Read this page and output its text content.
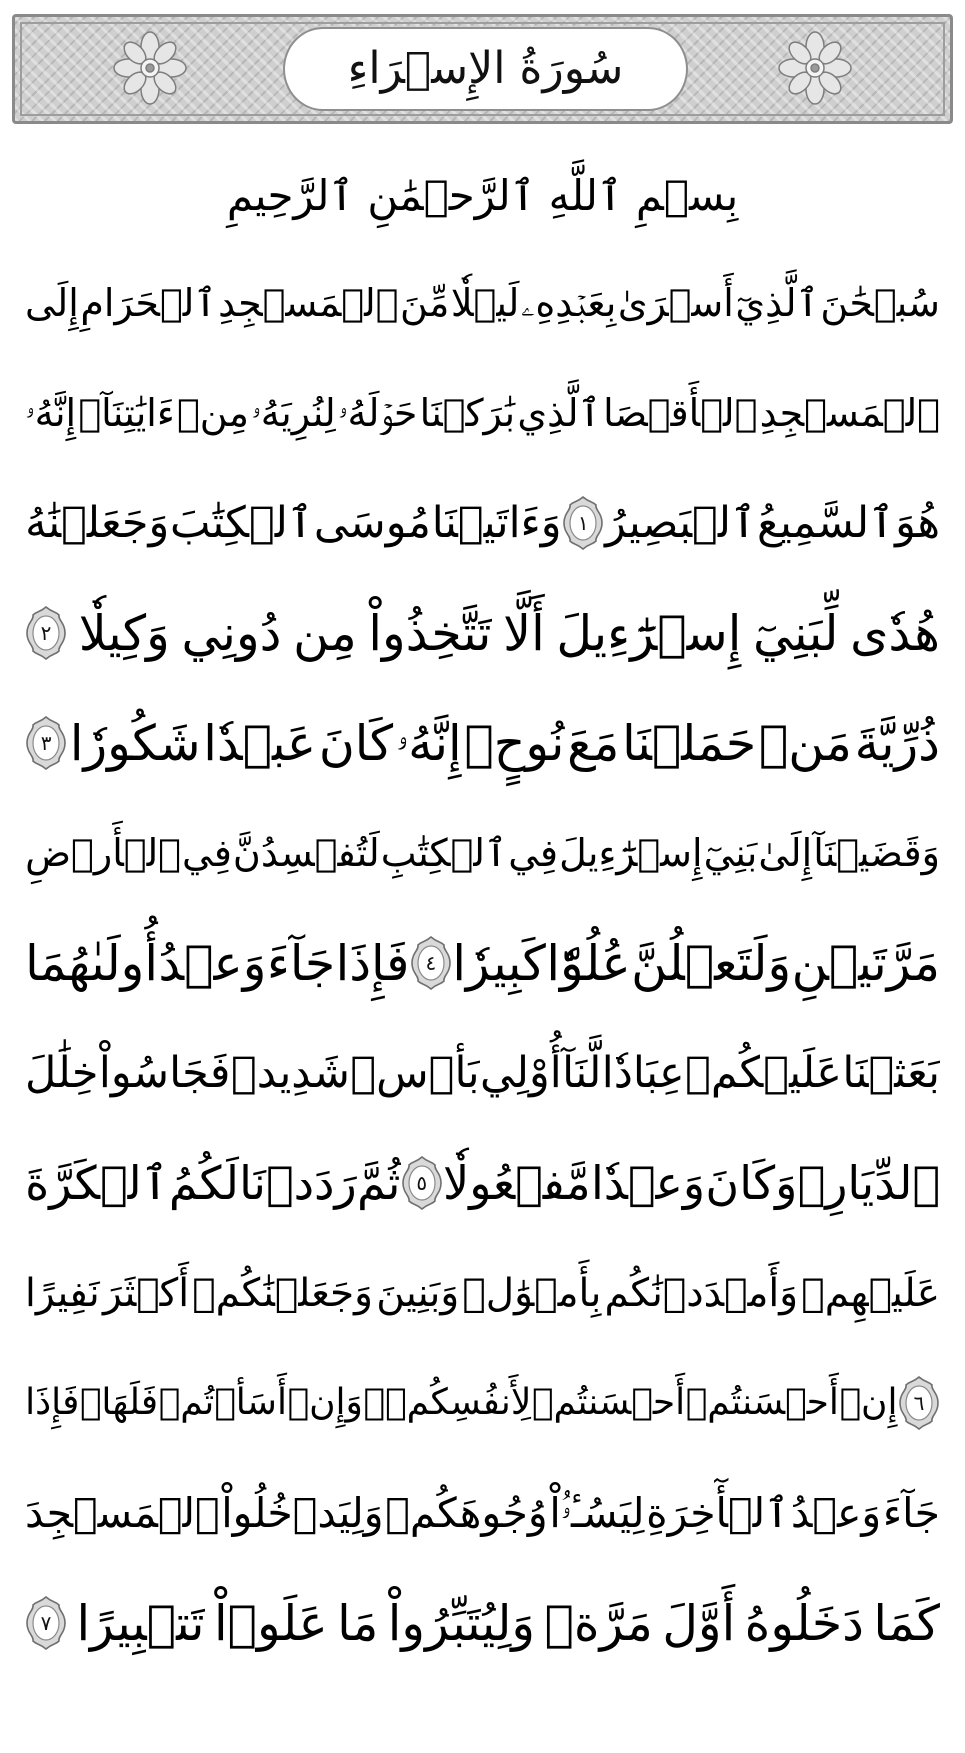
سُورَةُ الإِسۡرَاءِ
بِسۡمِ ٱللَّهِ ٱلرَّحۡمَٰنِ ٱلرَّحِيمِ
سُبۡحَٰنَ
ٱلَّذِيٓ
أَسۡرَىٰ
بِعَبۡدِهِۦ
لَيۡلٗا
مِّنَ
ٱلۡمَسۡجِدِ
ٱلۡحَرَامِ
إِلَى
ٱلۡمَسۡجِدِ
ٱلۡأَقۡصَا
ٱلَّذِي
بَٰرَكۡنَا
حَوۡلَهُۥ
لِنُرِيَهُۥ
مِنۡ
ءَايَٰتِنَآۚ
إِنَّهُۥ
هُوَ
ٱلسَّمِيعُ
ٱلۡبَصِيرُ
١
وَءَاتَيۡنَا
مُوسَى
ٱلۡكِتَٰبَ
وَجَعَلۡنَٰهُ
هُدٗى
لِّبَنِيٓ
إِسۡرَٰٓءِيلَ
أَلَّا
تَتَّخِذُواْ
مِن
دُونِي
وَكِيلٗا
٢
ذُرِّيَّةَ
مَنۡ
حَمَلۡنَا
مَعَ
نُوحٍۚ
إِنَّهُۥ
كَانَ
عَبۡدٗا
شَكُورٗا
٣
وَقَضَيۡنَآ
إِلَىٰ
بَنِيٓ
إِسۡرَٰٓءِيلَ
فِي
ٱلۡكِتَٰبِ
لَتُفۡسِدُنَّ
فِي
ٱلۡأَرۡضِ
مَرَّتَيۡنِ
وَلَتَعۡلُنَّ
عُلُوّٗا
كَبِيرٗا
٤
فَإِذَا
جَآءَ
وَعۡدُ
أُولَىٰهُمَا
بَعَثۡنَا
عَلَيۡكُمۡ
عِبَادٗا
لَّنَآ
أُوْلِي
بَأۡسٖ
شَدِيدٖ
فَجَاسُواْ
خِلَٰلَ
ٱلدِّيَارِۚ
وَكَانَ
وَعۡدٗا
مَّفۡعُولٗا
٥
ثُمَّ
رَدَدۡنَا
لَكُمُ
ٱلۡكَرَّةَ
عَلَيۡهِمۡ
وَأَمۡدَدۡنَٰكُم
بِأَمۡوَٰلٖ
وَبَنِينَ
وَجَعَلۡنَٰكُمۡ
أَكۡثَرَ
نَفِيرًا
٦
إِنۡ
أَحۡسَنتُمۡ
أَحۡسَنتُمۡ
لِأَنفُسِكُمۡۖ
وَإِنۡ
أَسَأۡتُمۡ
فَلَهَاۚ
فَإِذَا
جَآءَ
وَعۡدُ
ٱلۡأٓخِرَةِ
لِيَسُـٔۥُاْ
وُجُوهَكُمۡ
وَلِيَدۡخُلُواْ
ٱلۡمَسۡجِدَ
كَمَا
دَخَلُوهُ
أَوَّلَ
مَرَّةٖ
وَلِيُتَبِّرُواْ
مَا
عَلَوۡاْ
تَتۡبِيرًا
٧
